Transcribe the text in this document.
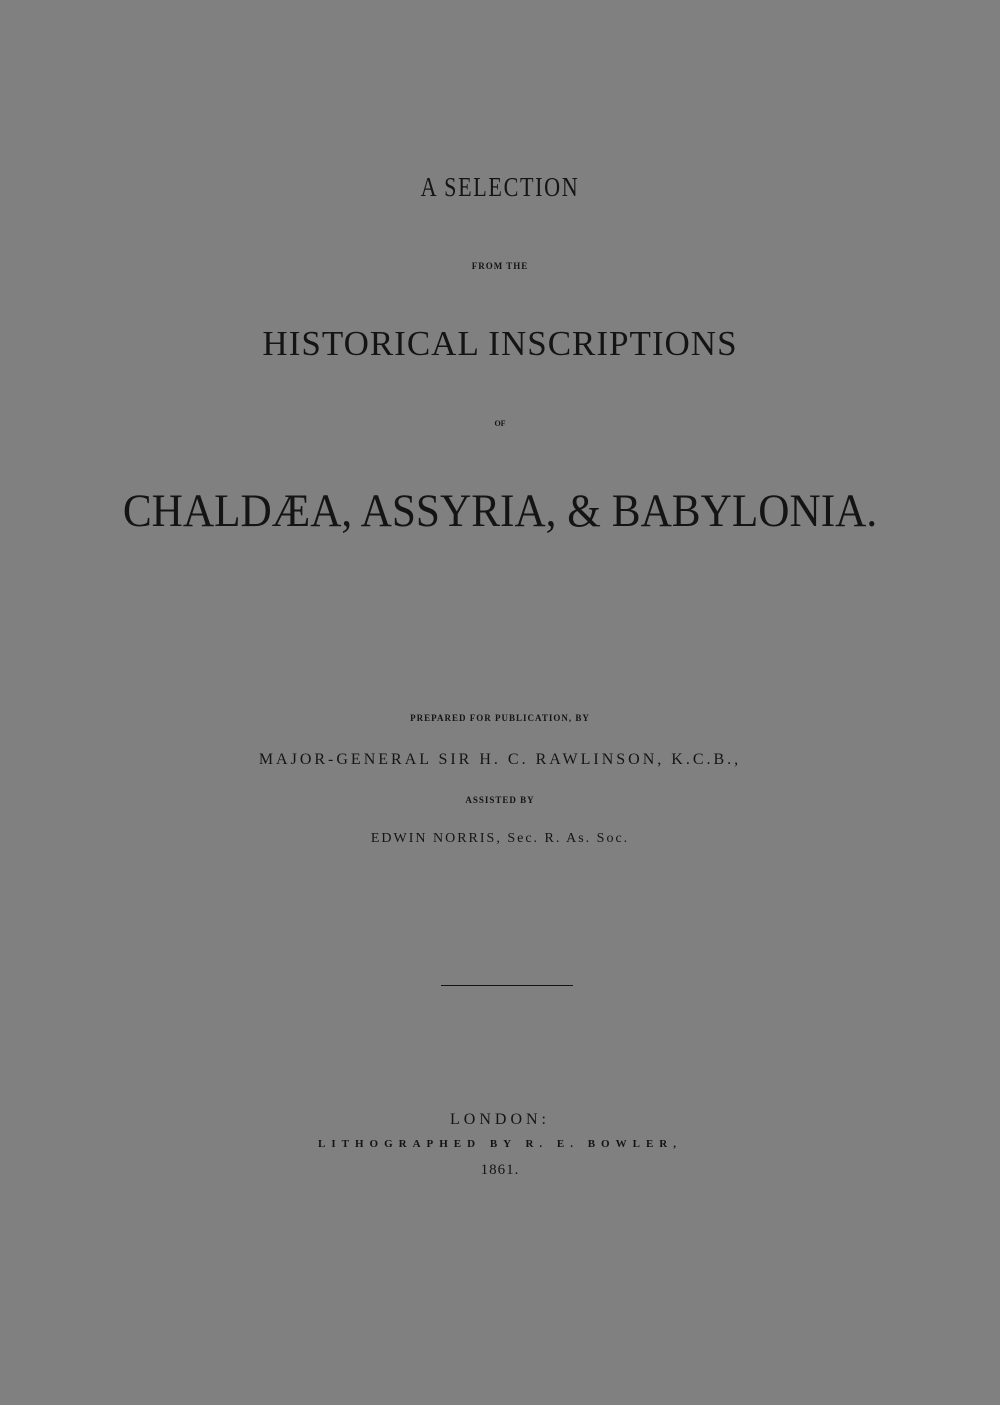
A SELECTION
FROM THE
HISTORICAL INSCRIPTIONS
OF
CHALDÆA, ASSYRIA, & BABYLONIA.
PREPARED FOR PUBLICATION, BY
MAJOR-GENERAL SIR H. C. RAWLINSON, K.C.B.,
ASSISTED BY
EDWIN NORRIS, Sec. R. As. Soc.
LONDON:
LITHOGRAPHED BY R. E. BOWLER,
1861.
